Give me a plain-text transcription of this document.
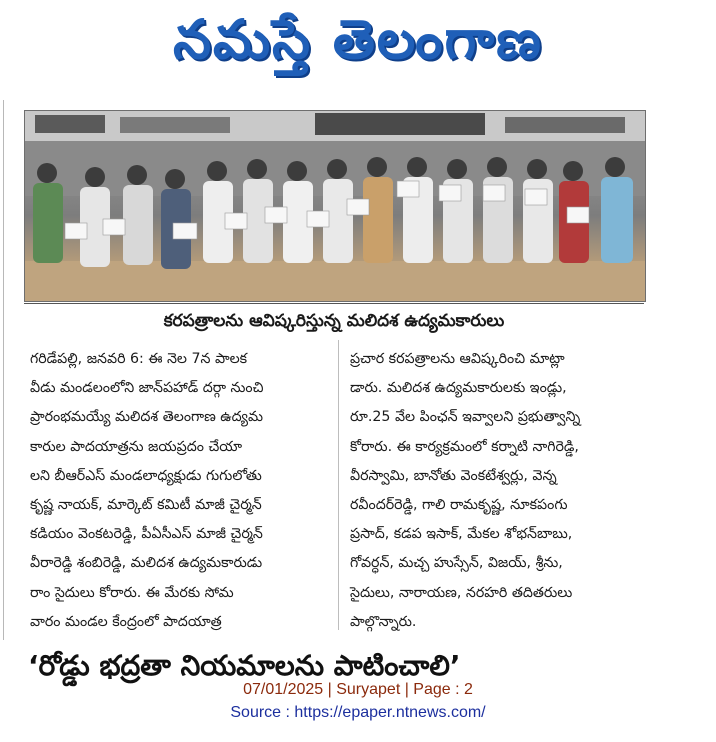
నమస్తే తెలంగాణ
కరపత్రాలను ఆవిష్కరిస్తున్న మలిదశ ఉద్యమకారులు
గరిడేపల్లి, జనవరి 6: ఈ నెల 7న పాలక
వీడు మండలంలోని జాన్‌పహాడ్ దర్గా నుంచి
ప్రారంభమయ్యే మలిదశ తెలంగాణ ఉద్యమ
కారుల పాదయాత్రను జయప్రదం చేయా
లని బీఆర్ఎస్ మండలాధ్యక్షుడు గుగులోతు
కృష్ణ నాయక్, మార్కెట్ కమిటీ మాజీ చైర్మన్
కడియం వెంకటరెడ్డి, పీఏసీఎస్ మాజీ చైర్మన్
వీరారెడ్డి శంబిరెడ్డి, మలిదశ ఉద్యమకారుడు
రాం సైదులు కోరారు. ఈ మేరకు సోమ
వారం మండల కేంద్రంలో పాదయాత్ర
ప్రచార కరపత్రాలను ఆవిష్కరించి మాట్లా
డారు. మలిదశ ఉద్యమకారులకు ఇండ్లు,
రూ.25 వేల పింఛన్ ఇవ్వాలని ప్రభుత్వాన్ని
కోరారు. ఈ కార్యక్రమంలో కర్నాటి నాగిరెడ్డి,
వీరస్వామి, బానోతు వెంకటేశ్వర్లు, వెన్న
రవీందర్‌రెడ్డి, గాలి రామకృష్ణ, నూకపంగు
ప్రసాద్, కడప ఇసాక్, మేకల శోభన్‌బాబు,
గోవర్ధన్, మచ్చ హుస్సేన్, విజయ్, శ్రీను,
సైదులు, నారాయణ, నరహరి తదితరులు
పాల్గొన్నారు.
‘రోడ్డు భద్రతా నియమాలను పాటించాలి’
07/01/2025 | Suryapet | Page : 2
Source : https://epaper.ntnews.com/
